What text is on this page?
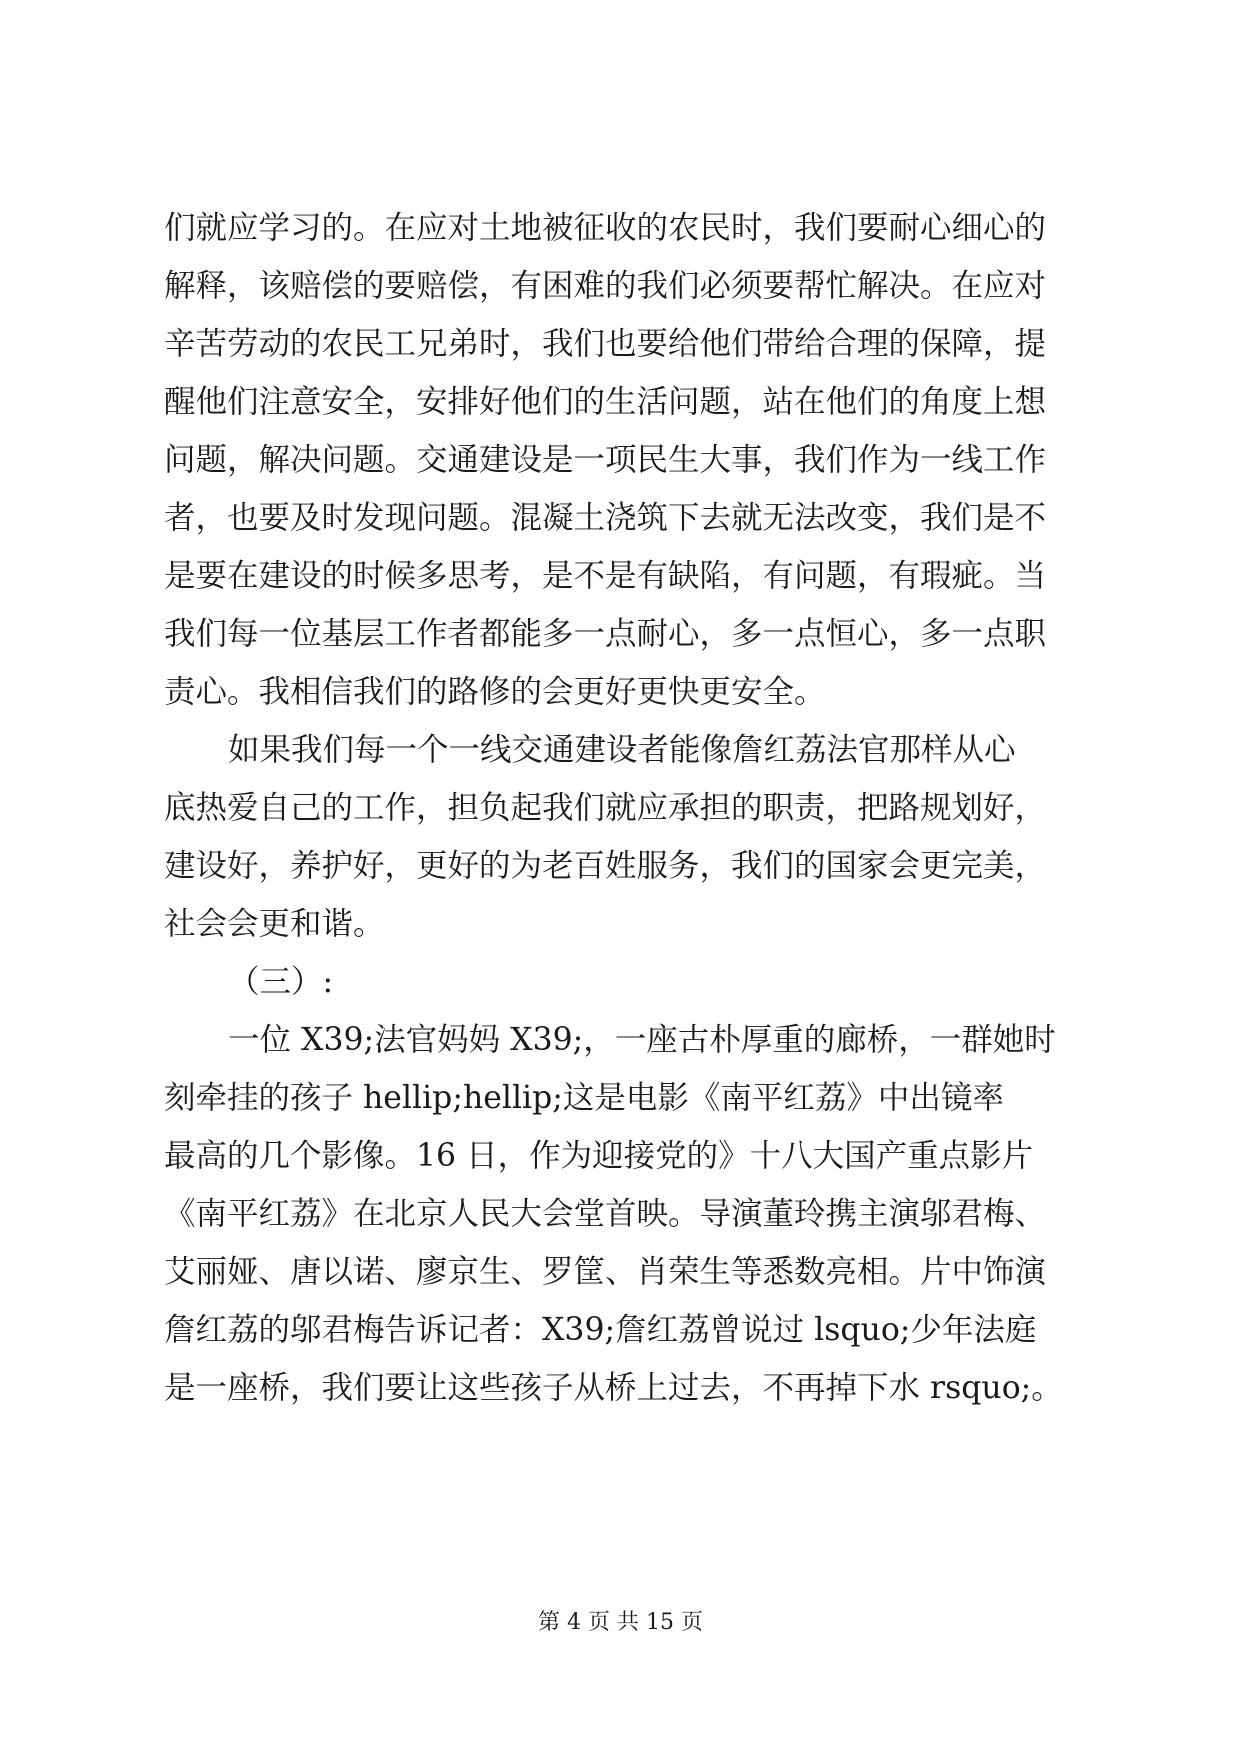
们就应学习的。在应对土地被征收的农民时，我们要耐心细心的
解释，该赔偿的要赔偿，有困难的我们必须要帮忙解决。在应对
辛苦劳动的农民工兄弟时，我们也要给他们带给合理的保障，提
醒他们注意安全，安排好他们的生活问题，站在他们的角度上想
问题，解决问题。交通建设是一项民生大事，我们作为一线工作
者，也要及时发现问题。混凝土浇筑下去就无法改变，我们是不
是要在建设的时候多思考，是不是有缺陷，有问题，有瑕疵。当
我们每一位基层工作者都能多一点耐心，多一点恒心，多一点职
责心。我相信我们的路修的会更好更快更安全。
如果我们每一个一线交通建设者能像詹红荔法官那样从心
底热爱自己的工作，担负起我们就应承担的职责，把路规划好，
建设好，养护好，更好的为老百姓服务，我们的国家会更完美，
社会会更和谐。
（三）:
一位 X39;法官妈妈 X39;，一座古朴厚重的廊桥，一群她时
刻牵挂的孩子 hellip;hellip;这是电影《南平红荔》中出镜率
最高的几个影像。16 日，作为迎接党的》十八大国产重点影片
《南平红荔》在北京人民大会堂首映。导演董玲携主演邬君梅、
艾丽娅、唐以诺、廖京生、罗筐、肖荣生等悉数亮相。片中饰演
詹红荔的邬君梅告诉记者：X39;詹红荔曾说过 lsquo;少年法庭
是一座桥，我们要让这些孩子从桥上过去，不再掉下水 rsquo;。
第 4 页 共 15 页
